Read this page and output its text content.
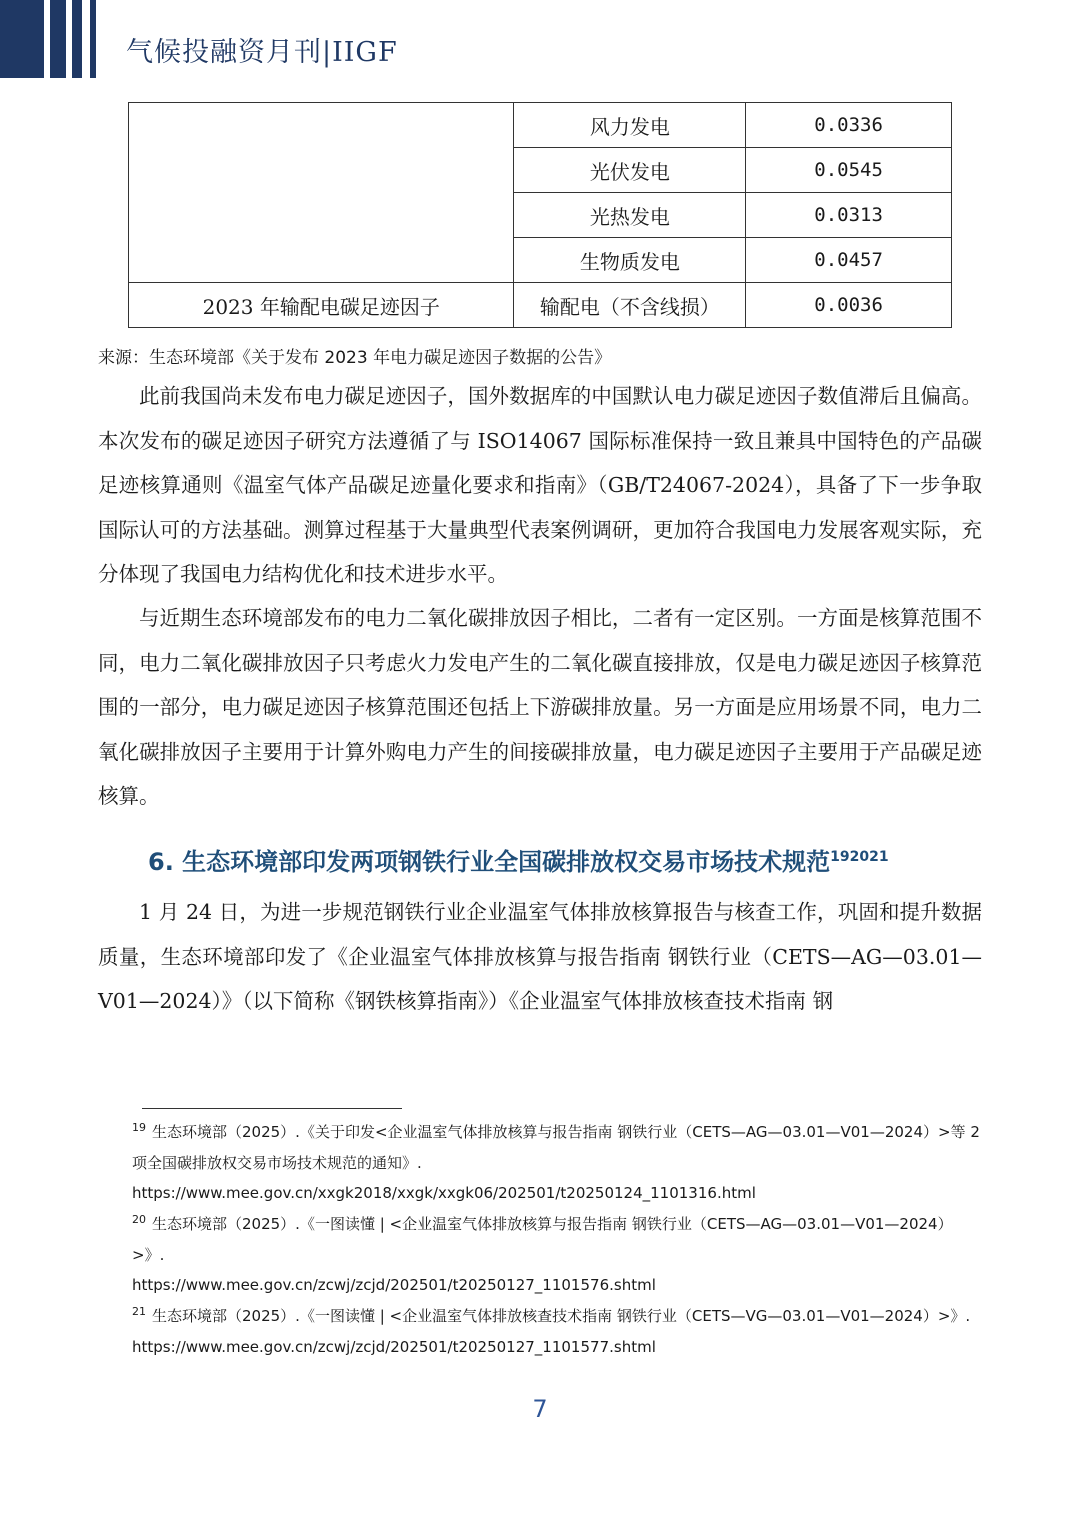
气候投融资月刊|IIGF
	风力发电	0.0336
	光伏发电	0.0545
	光热发电	0.0313
	生物质发电	0.0457
2023 年输配电碳足迹因子	输配电（不含线损）	0.0036
来源：生态环境部《关于发布 2023 年电力碳足迹因子数据的公告》

此前我国尚未发布电力碳足迹因子，国外数据库的中国默认电力碳足迹因子数值滞后且偏高。本次发布的碳足迹因子研究方法遵循了与 ISO14067 国际标准保持一致且兼具中国特色的产品碳足迹核算通则《温室气体产品碳足迹量化要求和指南》（GB/T24067-2024），具备了下一步争取国际认可的方法基础。测算过程基于大量典型代表案例调研，更加符合我国电力发展客观实际，充分体现了我国电力结构优化和技术进步水平。

与近期生态环境部发布的电力二氧化碳排放因子相比，二者有一定区别。一方面是核算范围不同，电力二氧化碳排放因子只考虑火力发电产生的二氧化碳直接排放，仅是电力碳足迹因子核算范围的一部分，电力碳足迹因子核算范围还包括上下游碳排放量。另一方面是应用场景不同，电力二氧化碳排放因子主要用于计算外购电力产生的间接碳排放量，电力碳足迹因子主要用于产品碳足迹核算。

6. 生态环境部印发两项钢铁行业全国碳排放权交易市场技术规范$^{192021}$

1 月 24 日，为进一步规范钢铁行业企业温室气体排放核算报告与核查工作，巩固和提升数据质量，生态环境部印发了《企业温室气体排放核算与报告指南 钢铁行业（CETS—AG—03.01—V01—2024）》（以下简称《钢铁核算指南》）《企业温室气体排放核查技术指南 钢

$^{19}$ 生态环境部（2025）.《关于印发<企业温室气体排放核算与报告指南 钢铁行业（CETS—AG—03.01—V01—2024）>等 2 项全国碳排放权交易市场技术规范的通知》.
https://www.mee.gov.cn/xxgk2018/xxgk/xxgk06/202501/t20250124_1101316.html
$^{20}$ 生态环境部（2025）.《一图读懂 | <企业温室气体排放核算与报告指南 钢铁行业（CETS—AG—03.01—V01—2024）>》.
https://www.mee.gov.cn/zcwj/zcjd/202501/t20250127_1101576.shtml
$^{21}$ 生态环境部（2025）.《一图读懂 | <企业温室气体排放核查技术指南 钢铁行业（CETS—VG—03.01—V01—2024）>》.
https://www.mee.gov.cn/zcwj/zcjd/202501/t20250127_1101577.shtml
7
